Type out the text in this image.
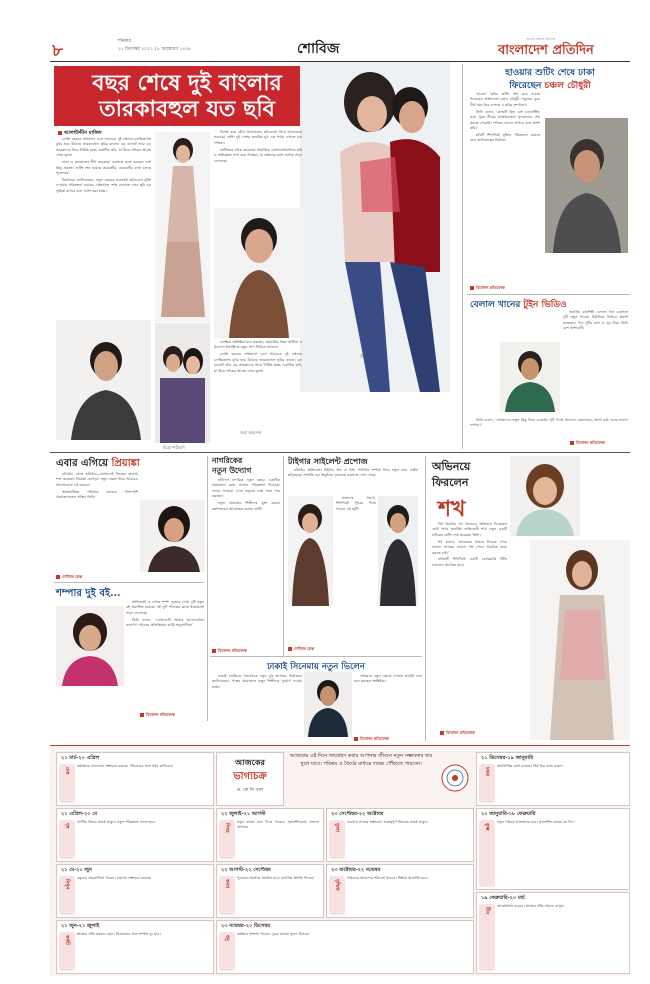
৮	শনিবার
১১ ডিসেম্বর ২০২১ | ৮ অগ্রহায়ণ ১৪২৮	শোবিজ
সত্যের সন্ধানে প্রতিদিন
বাংলাদেশ প্রতিদিন
বছর শেষে দুই বাংলার
তারকাবহুল যত ছবি
সুদীপ-শাকিব
আলাউদ্দীন মাজিদ

চলতি বছরের শেষভাগে এসে আবারও দুই বাংলার চলচ্চিত্রাঙ্গন মুখর হয়ে উঠেছে তারকাবহুল ছবির কাজে। বড় বাজেট আর বড় তারকাদের নিয়ে নির্মিত হচ্ছে একাধিক ছবি, যা ঘিরে দর্শকের আগ্রহ এখন তুঙ্গে।

ঢাকা ও কলকাতার শীর্ষ তারকারা একসঙ্গে কাজ করছেন বেশ কিছু প্রকল্পে। শুটিং শেষ হয়েছে কয়েকটির, কয়েকটির কাজ চলছে পুরোদমে।

নির্মাতারা জানিয়েছেন, নতুন বছরের শুরুতেই ছবিগুলো মুক্তি দেওয়ার পরিকল্পনা রয়েছে। প্রেক্ষাগৃহে দর্শক ফেরাতে এসব ছবি বড় ভূমিকা রাখবে বলে আশা করা হচ্ছে।

বিশেষ করে যৌথ প্রযোজনার ছবিগুলো নিয়ে আলোচনা সবচেয়ে বেশি। দুই দেশের জনপ্রিয় মুখ এক পর্দায় দেখতে চান দর্শকরা।

শুটিংয়ের ফাঁকে তারকারা সামাজিক যোগাযোগমাধ্যমে ছবি ও অভিজ্ঞতা ভাগ করে নিচ্ছেন, যা ভক্তদের মধ্যে ব্যাপক সাড়া ফেলেছে।

দেব
মিমো-পরীমণি
জয়া আহসান

চলচ্চিত্র সংশ্লিষ্টরা মনে করছেন, মহামারির ধাক্কা কাটিয়ে এ উদ্যোগ ইন্ডাস্ট্রিতে নতুন প্রাণ ফিরিয়ে আনবে।

চলতি বছরের শেষভাগে এসে আবারও দুই বাংলার চলচ্চিত্রাঙ্গন মুখর হয়ে উঠেছে তারকাবহুল ছবির কাজে। বড় বাজেট আর বড় তারকাদের নিয়ে নির্মিত হচ্ছে একাধিক ছবি, যা ঘিরে দর্শকের আগ্রহ এখন তুঙ্গে।

হাওয়ার শুটিং শেষে ঢাকা
ফিরেছেন চঞ্চল চৌধুরী

‘হাওয়া’ ছবির শুটিং শেষ করে ঢাকায় ফিরেছেন অভিনেতা চঞ্চল চৌধুরী। সমুদ্রের বুকে দীর্ঘ সময় ধরে চলেছে এ ছবির দৃশ্যধারণ।

তিনি বলেন, ‘কাজটি ছিল বেশ চ্যালেঞ্জিং। তবে পুরো টিমের আন্তরিকতায় সুন্দরভাবে শেষ করতে পেরেছি। দর্শকের ভালো লাগবে বলে আশা করি।’

ছবিটি শিগগিরই মুক্তির পরিকল্পনা রয়েছে বলে জানিয়েছেন নির্মাতা।

বিনোদন প্রতিবেদক
বেলাল খানের টুইন ভিডিও

জনপ্রিয় কণ্ঠশিল্পী বেলাল খান একসঙ্গে দুটি নতুন গানের মিউজিক ভিডিও প্রকাশ করেছেন। গান দুটির কথা ও সুর নিয়ে তিনি বেশ আশাবাদী।

তিনি বলেন, ‘শ্রোতাদের নতুন কিছু দিতে চেয়েছি। দুটি গানই আলাদা মেজাজের, আশা করি সবার ভালো লাগবে।’

বিনোদন প্রতিবেদক
এবার এগিয়ে প্রিয়াঙ্কা

বলিউড থেকে হলিউড—সবখানেই নিজের জায়গা শক্ত করেছেন প্রিয়াঙ্কা চোপড়া। নতুন প্রকল্প নিয়ে আবারও আলোচনায় এই তারকা।

আন্তর্জাতিক পরিসরে কাজের পাশাপাশি প্রযোজনাতেও সক্রিয় তিনি।

শোবিজ ডেস্ক
শম্পার দুই বই...

অভিনেত্রী ও লেখক শম্পা রেজার লেখা দুটি নতুন বই প্রকাশিত হয়েছে। বই দুটি পাঠকের কাছে ইতোমধ্যে সাড়া ফেলেছে।

তিনি বলেন, ‘লেখালেখি আমার ভালোবাসার জায়গা। পাঠকের প্রতিক্রিয়ায় আমি অনুপ্রাণিত।’

বিনোদন প্রতিবেদক
নাগরিকের
নতুন উদ্যোগ

নাট্যদল নাগরিক নতুন বছরে একাধিক প্রযোজনা মঞ্চে আনার পরিকল্পনা নিয়েছে। দলের সদস্যরা এখন মহড়ায় ব্যস্ত সময় পার করছেন।

নতুন প্রজন্মের শিল্পীদের যুক্ত করতে কর্মশালারও আয়োজন করছে দলটি।

বিনোদন প্রতিবেদক
টাইগার সাইলেন্ট প্রপোজ

বলিউড অভিনেতা টাইগার শ্রফ ও দিশা পাটানির সম্পর্ক নিয়ে নতুন করে গুঞ্জন ছড়িয়েছে। সম্প্রতি এক অনুষ্ঠানে দুজনকে একসঙ্গে দেখা গেছে।

ভক্তদের ধারণা, শিগগিরই সুখবর দিতে পারেন এই জুটি।

শোবিজ ডেস্ক
ঢাকাই সিনেমায় নতুন ভিলেন

ঢাকাই চলচ্চিত্রে খলচরিত্রে নতুন মুখ আসছে। নির্মাতারা জানিয়েছেন, গল্পের প্রয়োজনে নতুন শিল্পীদের সুযোগ দেওয়া হচ্ছে।

দর্শকরাও নতুন চেহারা দেখতে আগ্রহী বলে মনে করছেন সংশ্লিষ্টরা।

বিনোদন প্রতিবেদক
অভিনয়ে
ফিরলেন
শখ

দীর্ঘ বিরতির পর আবারও অভিনয়ে ফিরেছেন ছোট পর্দার জনপ্রিয় অভিনেত্রী শখ। নতুন একটি নাটকের শুটিং শেষ করেছেন তিনি।

শখ বলেন, ‘ক্যামেরার সামনে ফিরতে পেরে ভালো লাগছে। ভালো গল্প পেলে নিয়মিত কাজ করতে চাই।’

নাটকটি শিগগিরই একটি বেসরকারি টিভি চ্যানেলে প্রচারিত হবে।

বিনোদন প্রতিবেদক
আজকের
ভাগ্যচক্র
ড. কে সি পাল
আজকের এই দিনে জন্মগ্রহণ করায় আপনার জীবনে নতুন সম্ভাবনার দ্বার খুলে যাবে। পরিশ্রম ও ধৈর্যের মাধ্যমে লক্ষ্যে পৌঁছাতে পারবেন।
২১ মার্চ-২০ এপ্রিল
মেষ
কর্মক্ষেত্রে সাফল্যের সম্ভাবনা রয়েছে। পরিবারের সঙ্গে সময় কাটাবেন।
২১ এপ্রিল-২০ মে
বৃষ
আর্থিক বিষয়ে সতর্ক থাকুন। নতুন পরিকল্পনা সফল হবে।
২১ মে-২০ জুন
মিথুন
বন্ধুদের সহযোগিতা পাবেন। ভ্রমণের সম্ভাবনা রয়েছে।
২১ জুন-২১ জুলাই
কর্কট
স্বাস্থ্যের প্রতি যত্নবান হোন। প্রিয়জনের সঙ্গে সম্পর্ক দৃঢ় হবে।
২২ জুলাই-২১ আগস্ট
সিংহ
নতুন কাজে হাত দিতে পারেন। সৃজনশীলতায় সাফল্য আসবে।
২২ আগস্ট-২২ সেপ্টেম্বর
কন্যা
পুরোনো সমস্যার সমাধান হবে। মানসিক প্রশান্তি পাবেন।
২৩ সেপ্টেম্বর-২২ অক্টোবর
তুলা
ব্যবসায় লাভের সম্ভাবনা। গুরুত্বপূর্ণ সিদ্ধান্তে সতর্ক থাকুন।
২৩ অক্টোবর-২২ নভেম্বর
বৃশ্চিক
পরিবারে আনন্দের পরিবেশ থাকবে। শিক্ষায় অগ্রগতি হবে।
২৩ নভেম্বর-২০ ডিসেম্বর
ধনু
কর্মস্থলে প্রশংসা পাবেন। দূরের যাত্রায় সুফল মিলবে।
২১ ডিসেম্বর-১৯ জানুয়ারি
মকর
অর্থপ্রাপ্তির যোগ রয়েছে। ধৈর্য ধরে কাজ করুন।
২০ জানুয়ারি-১৮ ফেব্রুয়ারি
কুম্ভ
নতুন পরিচয় লাভজনক হবে। সৃজনশীল কাজে মন দিন।
১৯ ফেব্রুয়ারি-২০ মার্চ
মীন
আত্মবিশ্বাস বাড়বে। স্বাস্থ্যের প্রতি খেয়াল রাখুন।
